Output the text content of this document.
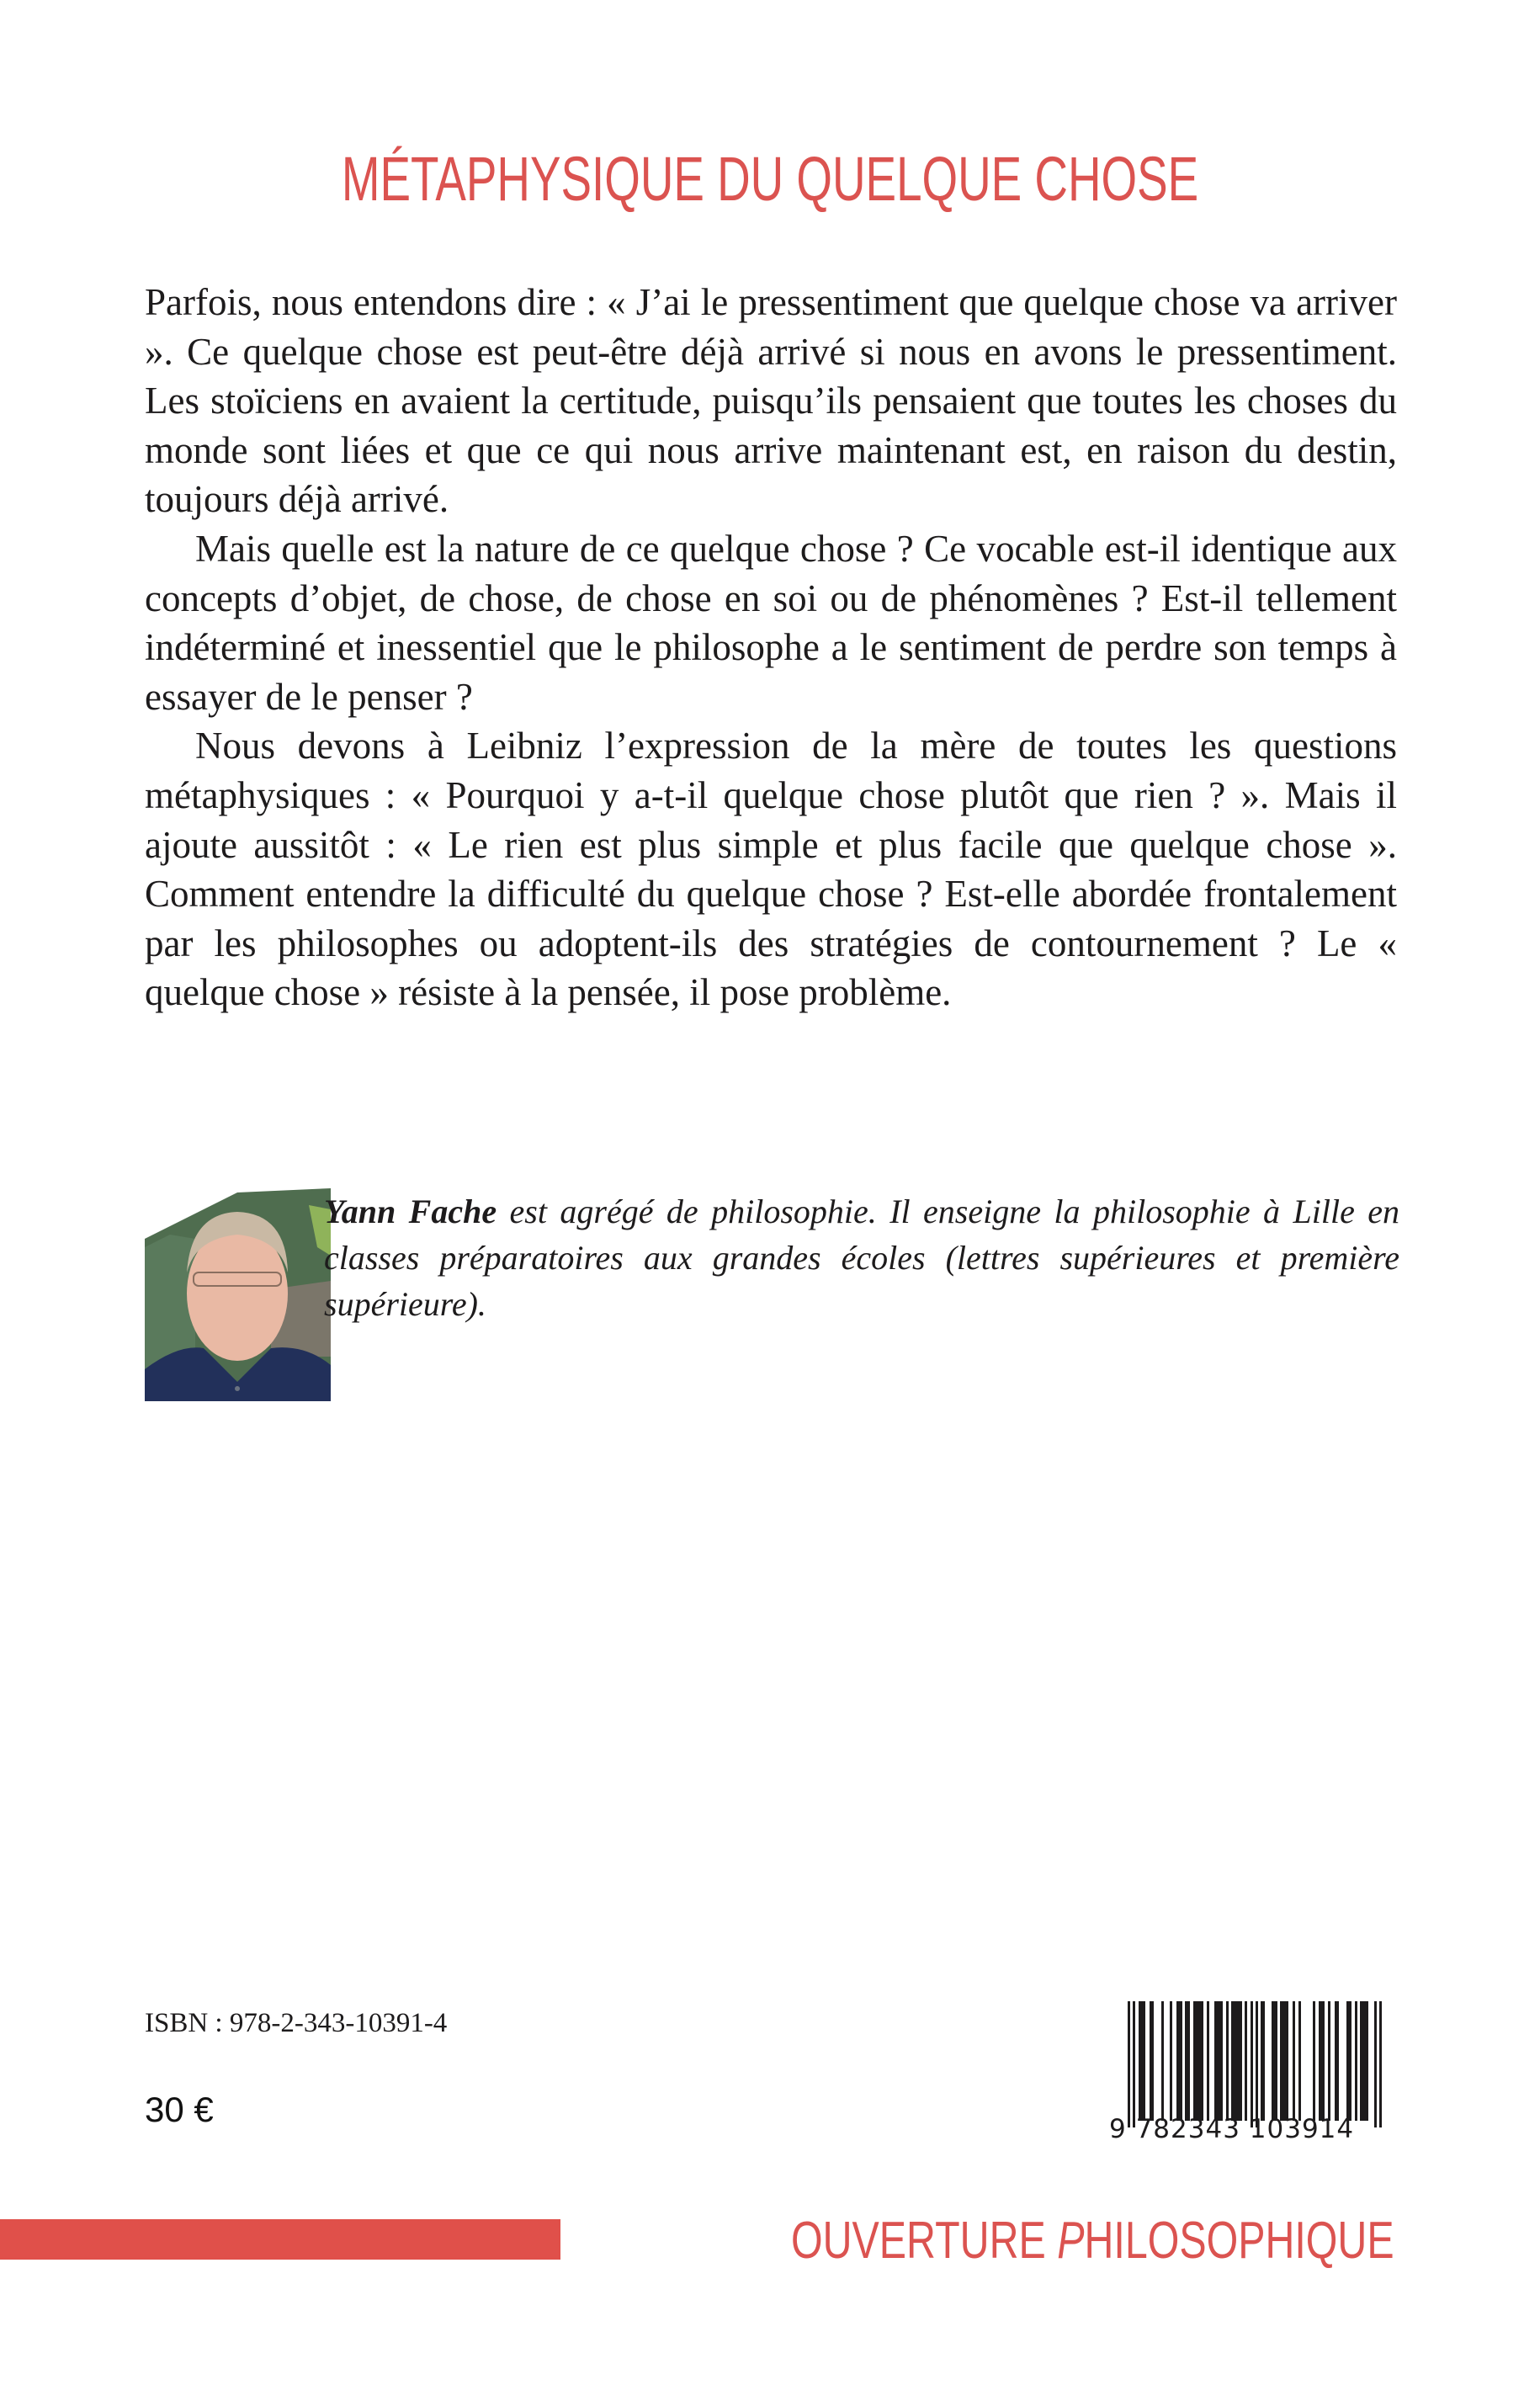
MÉTAPHYSIQUE DU QUELQUE CHOSE

Parfois, nous entendons dire : « J’ai le pressentiment que quelque chose va arriver ». Ce quelque chose est peut-être déjà arrivé si nous en avons le pressentiment. Les stoïciens en avaient la certitude, puisqu’ils pensaient que toutes les choses du monde sont liées et que ce qui nous arrive maintenant est, en raison du destin, toujours déjà arrivé.

Mais quelle est la nature de ce quelque chose ? Ce vocable est-il identique aux concepts d’objet, de chose, de chose en soi ou de phénomènes ? Est-il tellement indéterminé et inessentiel que le philosophe a le sentiment de perdre son temps à essayer de le penser ?

Nous devons à Leibniz l’expression de la mère de toutes les questions métaphysiques : « Pourquoi y a-t-il quelque chose plutôt que rien ? ». Mais il ajoute aussitôt : « Le rien est plus simple et plus facile que quelque chose ». Comment entendre la difficulté du quelque chose ? Est-elle abordée frontalement par les philosophes ou adoptent-ils des stratégies de contournement ? Le « quelque chose » résiste à la pensée, il pose problème.

Yann Fache est agrégé de philosophie. Il enseigne la philosophie à Lille en classes préparatoires aux grandes écoles (lettres supérieures et première supérieure).
ISBN : 978-2-343-10391-4
30 €	9 782343 103914
OUVERTURE PHILOSOPHIQUE
